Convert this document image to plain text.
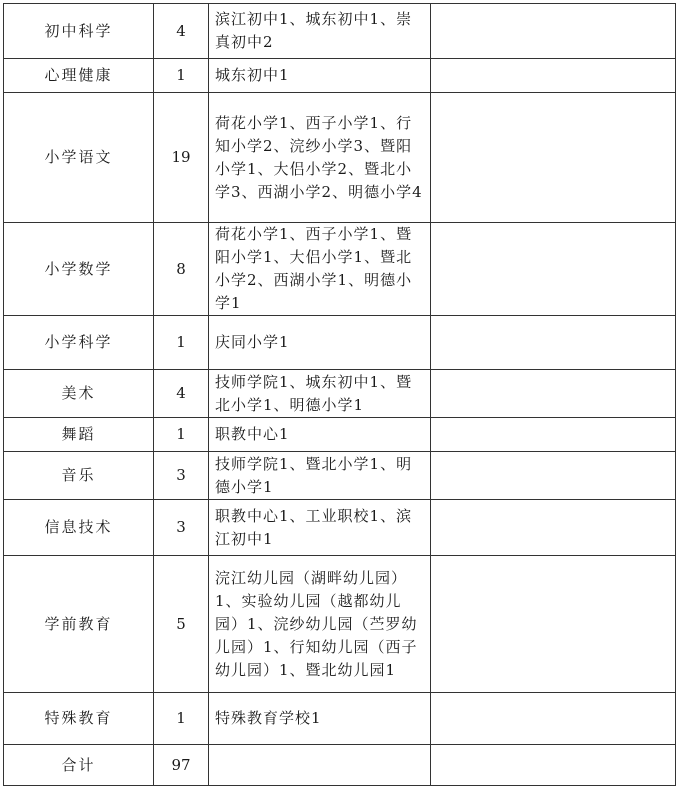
初中科学	4	滨江初中1、城东初中1、崇真初中2	
心理健康	1	城东初中1	
小学语文	19	荷花小学1、西子小学1、行知小学2、浣纱小学3、暨阳小学1、大侣小学2、暨北小学3、西湖小学2、明德小学4	
小学数学	8	荷花小学1、西子小学1、暨阳小学1、大侣小学1、暨北小学2、西湖小学1、明德小学1	
小学科学	1	庆同小学1	
美术	4	技师学院1、城东初中1、暨北小学1、明德小学1	
舞蹈	1	职教中心1	
音乐	3	技师学院1、暨北小学1、明德小学1	
信息技术	3	职教中心1、工业职校1、滨江初中1	
学前教育	5	浣江幼儿园（湖畔幼儿园）1、实验幼儿园（越都幼儿园）1、浣纱幼儿园（苎罗幼儿园）1、行知幼儿园（西子幼儿园）1、暨北幼儿园1	
特殊教育	1	特殊教育学校1	
合计	97		
